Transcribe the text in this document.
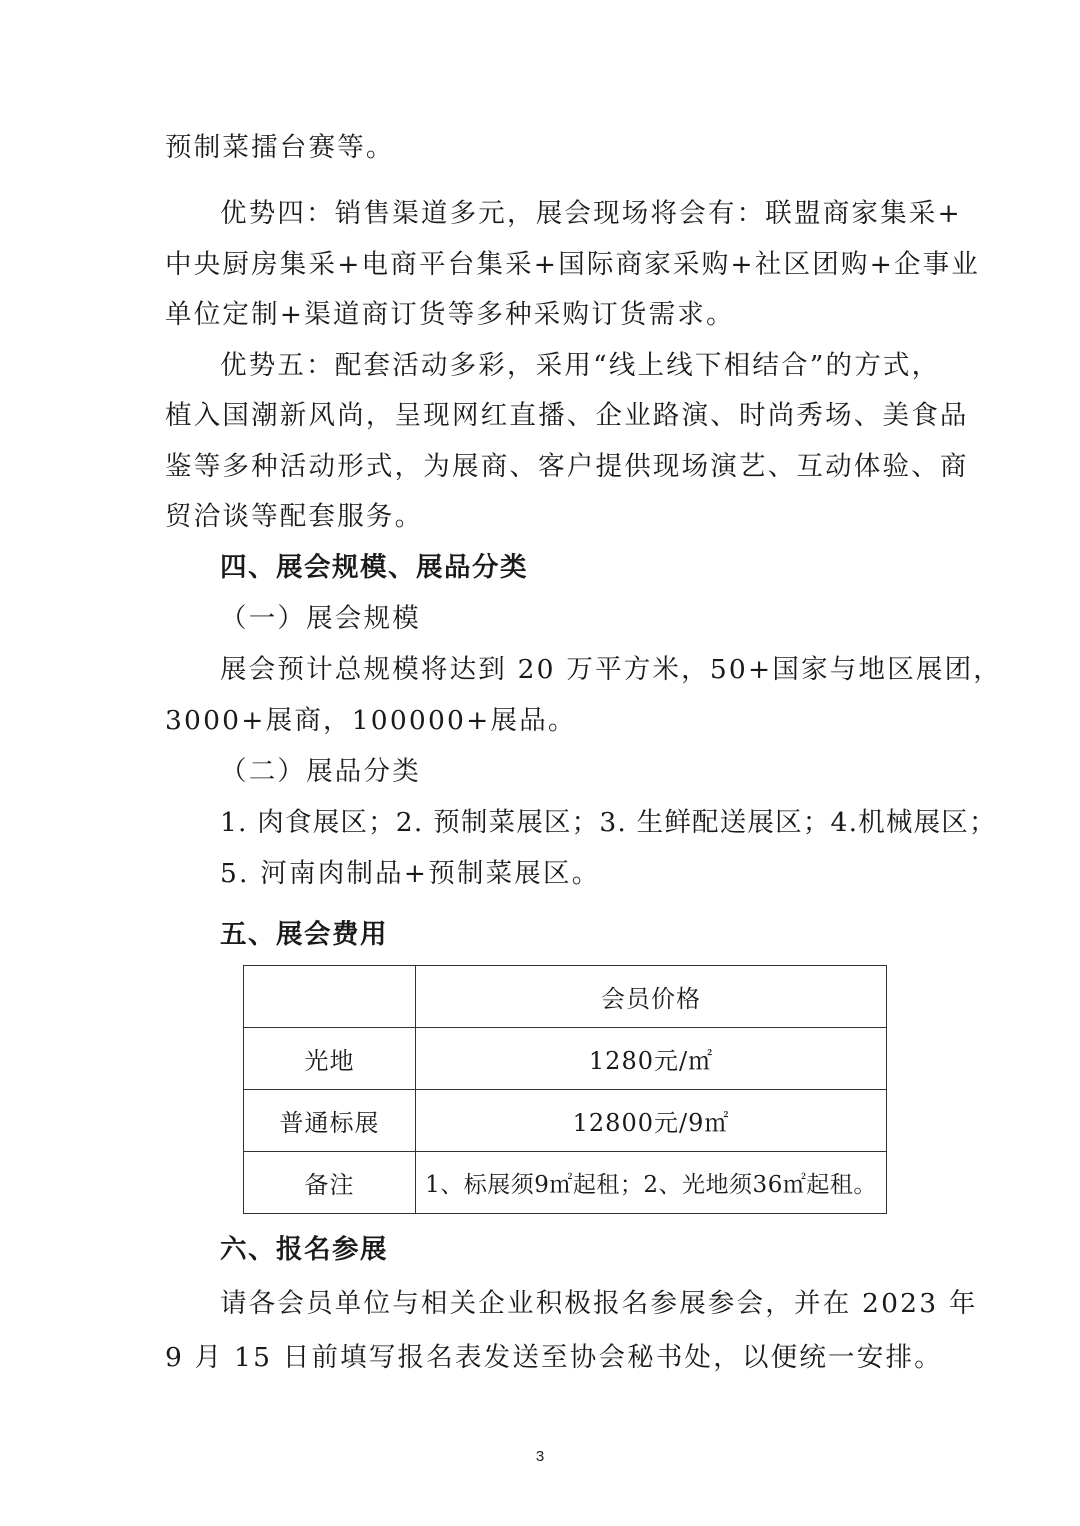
预制菜擂台赛等。
优势四：销售渠道多元，展会现场将会有：联盟商家集采+
中央厨房集采+电商平台集采+国际商家采购+社区团购+企事业
单位定制+渠道商订货等多种采购订货需求。
优势五：配套活动多彩，采用“线上线下相结合”的方式，
植入国潮新风尚，呈现网红直播、企业路演、时尚秀场、美食品
鉴等多种活动形式，为展商、客户提供现场演艺、互动体验、商
贸洽谈等配套服务。
四、展会规模、展品分类
（一）展会规模
展会预计总规模将达到 20 万平方米，50+国家与地区展团，
3000+展商，100000+展品。
（二）展品分类
1. 肉食展区；2. 预制菜展区；3. 生鲜配送展区；4.机械展区；
5. 河南肉制品+预制菜展区。
五、展会费用
	会员价格
光地	1280元/㎡
普通标展	12800元/9㎡
备注	1、标展须9㎡起租；2、光地须36㎡起租。
六、报名参展
请各会员单位与相关企业积极报名参展参会，并在 2023 年
9 月 15 日前填写报名表发送至协会秘书处，以便统一安排。
3
